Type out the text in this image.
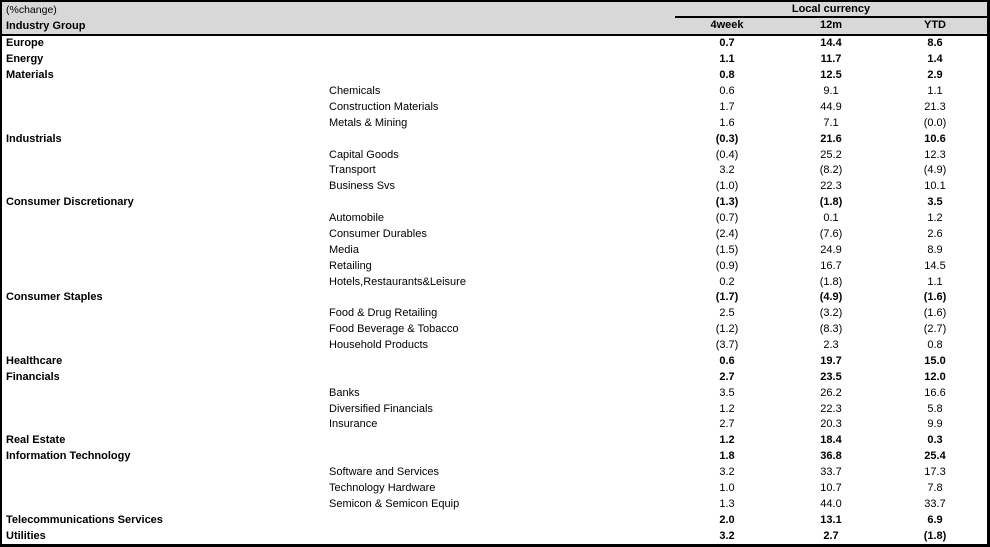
(%change)
Industry Group
Local currency
4week	12m	YTD
Europe	0.7	14.4	8.6
Energy	1.1	11.7	1.4
Materials	0.8	12.5	2.9
Chemicals	0.6	9.1	1.1
Construction Materials	1.7	44.9	21.3
Metals & Mining	1.6	7.1	(0.0)
Industrials	(0.3)	21.6	10.6
Capital Goods	(0.4)	25.2	12.3
Transport	3.2	(8.2)	(4.9)
Business Svs	(1.0)	22.3	10.1
Consumer Discretionary	(1.3)	(1.8)	3.5
Automobile	(0.7)	0.1	1.2
Consumer Durables	(2.4)	(7.6)	2.6
Media	(1.5)	24.9	8.9
Retailing	(0.9)	16.7	14.5
Hotels,Restaurants&Leisure	0.2	(1.8)	1.1
Consumer Staples	(1.7)	(4.9)	(1.6)
Food & Drug Retailing	2.5	(3.2)	(1.6)
Food Beverage & Tobacco	(1.2)	(8.3)	(2.7)
Household Products	(3.7)	2.3	0.8
Healthcare	0.6	19.7	15.0
Financials	2.7	23.5	12.0
Banks	3.5	26.2	16.6
Diversified Financials	1.2	22.3	5.8
Insurance	2.7	20.3	9.9
Real Estate	1.2	18.4	0.3
Information Technology	1.8	36.8	25.4
Software and Services	3.2	33.7	17.3
Technology Hardware	1.0	10.7	7.8
Semicon & Semicon Equip	1.3	44.0	33.7
Telecommunications Services	2.0	13.1	6.9
Utilities	3.2	2.7	(1.8)
